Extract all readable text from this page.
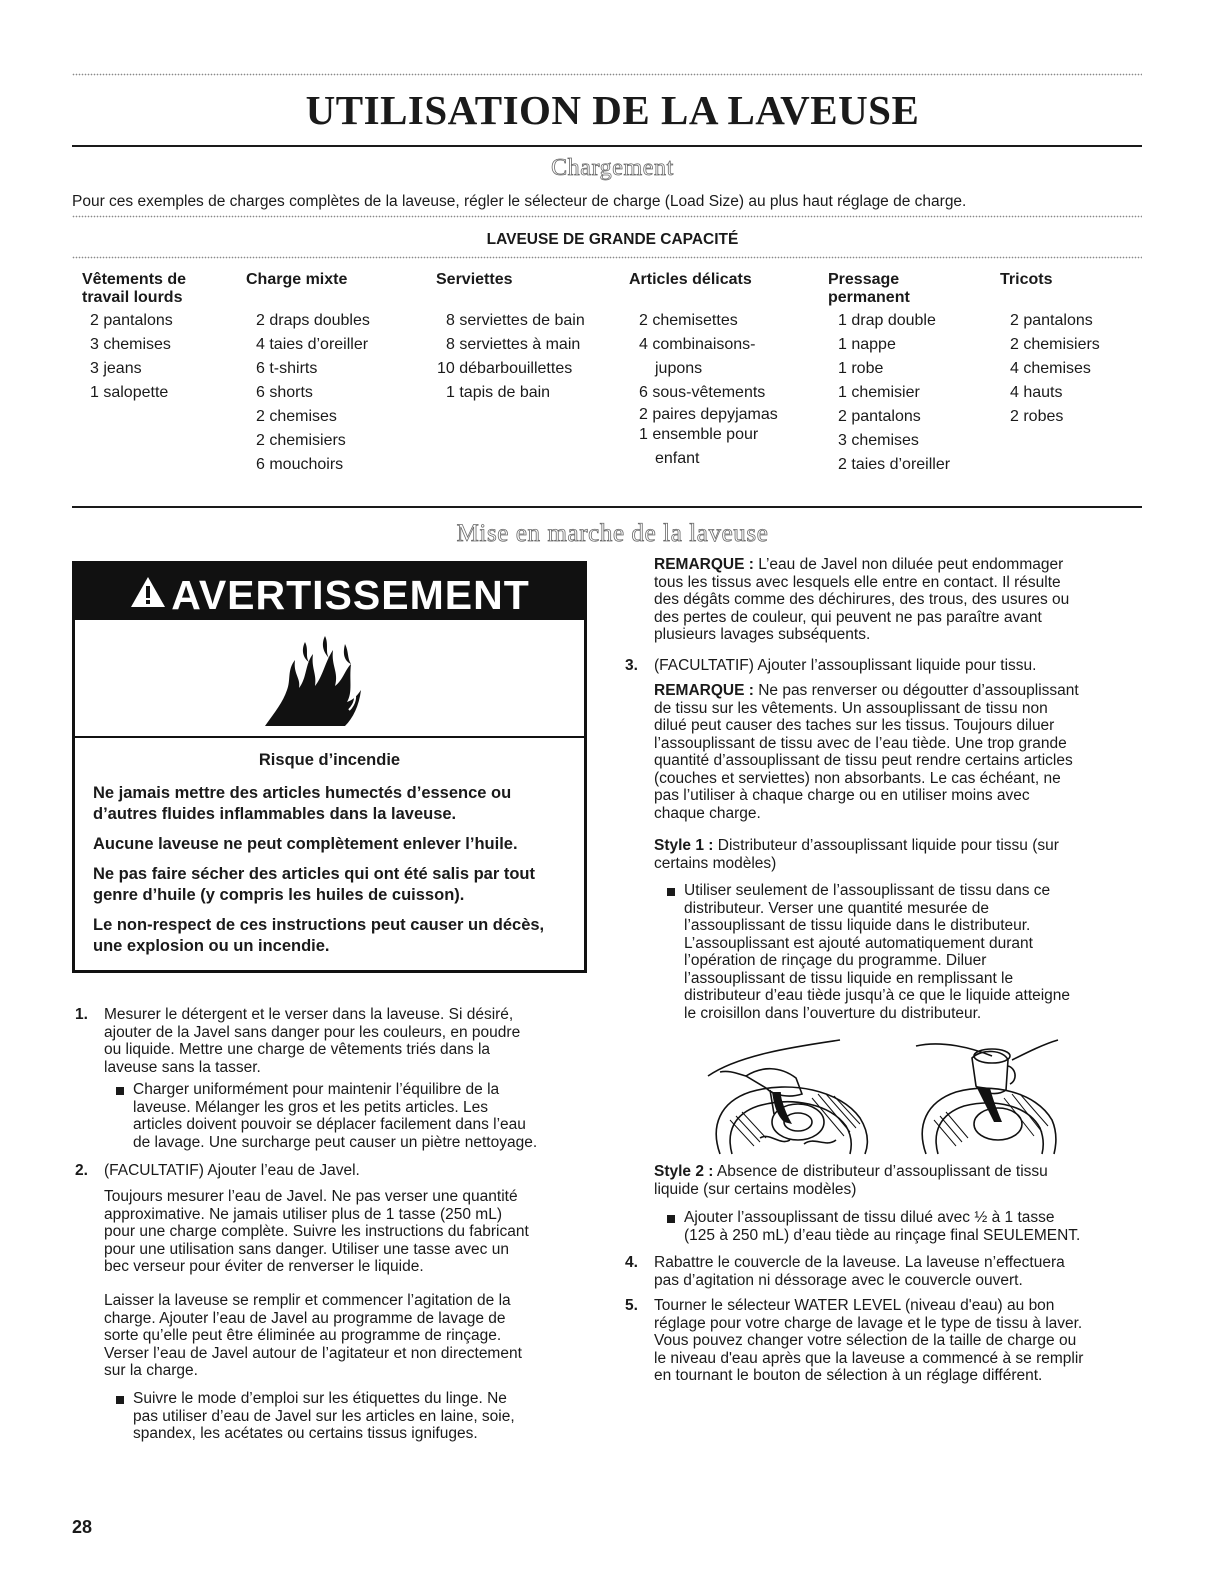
UTILISATION DE LA LAVEUSE
Chargement
Pour ces exemples de charges complètes de la laveuse, régler le sélecteur de charge (Load Size) au plus haut réglage de charge.
LAVEUSE DE GRANDE CAPACITÉ
Vêtements de
travail lourds
2 pantalons
3 chemises
3 jeans
1 salopette
Charge mixte
2 draps doubles
4 taies d’oreiller
6 t-shirts
6 shorts
2 chemises
2 chemisiers
6 mouchoirs
Serviettes
8 serviettes de bain
8 serviettes à main
10 débarbouillettes
1 tapis de bain
Articles délicats
2 chemisettes
4 combinaisons-
jupons
6 sous-vêtements
2 paires depyjamas
1 ensemble pour
enfant
Pressage
permanent
1 drap double
1 nappe
1 robe
1 chemisier
2 pantalons
3 chemises
2 taies d’oreiller
Tricots
2 pantalons
2 chemisiers
4 chemises
4 hauts
2 robes
Mise en marche de la laveuse
AVERTISSEMENT
Risque d’incendie

Ne jamais mettre des articles humectés d’essence ou d’autres fluides inflammables dans la laveuse.

Aucune laveuse ne peut complètement enlever l’huile.

Ne pas faire sécher des articles qui ont été salis par tout genre d’huile (y compris les huiles de cuisson).

Le non-respect de ces instructions peut causer un décès, une explosion ou un incendie.

1. Mesurer le détergent et le verser dans la laveuse. Si désiré,

ajouter de la Javel sans danger pour les couleurs, en poudre

ou liquide. Mettre une charge de vêtements triés dans la

laveuse sans la tasser.

Charger uniformément pour maintenir l’équilibre de la

laveuse. Mélanger les gros et les petits articles. Les

articles doivent pouvoir se déplacer facilement dans l’eau

de lavage. Une surcharge peut causer un piètre nettoyage.

2. (FACULTATIF) Ajouter l’eau de Javel.

Toujours mesurer l’eau de Javel. Ne pas verser une quantité

approximative. Ne jamais utiliser plus de 1 tasse (250 mL)

pour une charge complète. Suivre les instructions du fabricant

pour une utilisation sans danger. Utiliser une tasse avec un

bec verseur pour éviter de renverser le liquide.

Laisser la laveuse se remplir et commencer l’agitation de la

charge. Ajouter l’eau de Javel au programme de lavage de

sorte qu’elle peut être éliminée au programme de rinçage.

Verser l’eau de Javel autour de l’agitateur et non directement

sur la charge.

Suivre le mode d’emploi sur les étiquettes du linge. Ne

pas utiliser d’eau de Javel sur les articles en laine, soie,

spandex, les acétates ou certains tissus ignifuges.

REMARQUE : L’eau de Javel non diluée peut endommager

tous les tissus avec lesquels elle entre en contact. Il résulte

des dégâts comme des déchirures, des trous, des usures ou

des pertes de couleur, qui peuvent ne pas paraître avant

plusieurs lavages subséquents.

3. (FACULTATIF) Ajouter l’assouplissant liquide pour tissu.

REMARQUE : Ne pas renverser ou dégoutter d’assouplissant

de tissu sur les vêtements. Un assouplissant de tissu non

dilué peut causer des taches sur les tissus. Toujours diluer

l’assouplissant de tissu avec de l’eau tiède. Une trop grande

quantité d’assouplissant de tissu peut rendre certains articles

(couches et serviettes) non absorbants. Le cas échéant, ne

pas l’utiliser à chaque charge ou en utiliser moins avec

chaque charge.

Style 1 : Distributeur d’assouplissant liquide pour tissu (sur

certains modèles)

Utiliser seulement de l’assouplissant de tissu dans ce

distributeur. Verser une quantité mesurée de

l’assouplissant de tissu liquide dans le distributeur.

L’assouplissant est ajouté automatiquement durant

l’opération de rinçage du programme. Diluer

l’assouplissant de tissu liquide en remplissant le

distributeur d’eau tiède jusqu’à ce que le liquide atteigne

le croisillon dans l’ouverture du distributeur.

Style 2 : Absence de distributeur d’assouplissant de tissu

liquide (sur certains modèles)

Ajouter l’assouplissant de tissu dilué avec ½ à 1 tasse

(125 à 250 mL) d’eau tiède au rinçage final SEULEMENT.

4. Rabattre le couvercle de la laveuse. La laveuse n’effectuera

pas d’agitation ni déssorage avec le couvercle ouvert.

5. Tourner le sélecteur WATER LEVEL (niveau d'eau) au bon

réglage pour votre charge de lavage et le type de tissu à laver.

Vous pouvez changer votre sélection de la taille de charge ou

le niveau d'eau après que la laveuse a commencé à se remplir

en tournant le bouton de sélection à un réglage différent.

28
